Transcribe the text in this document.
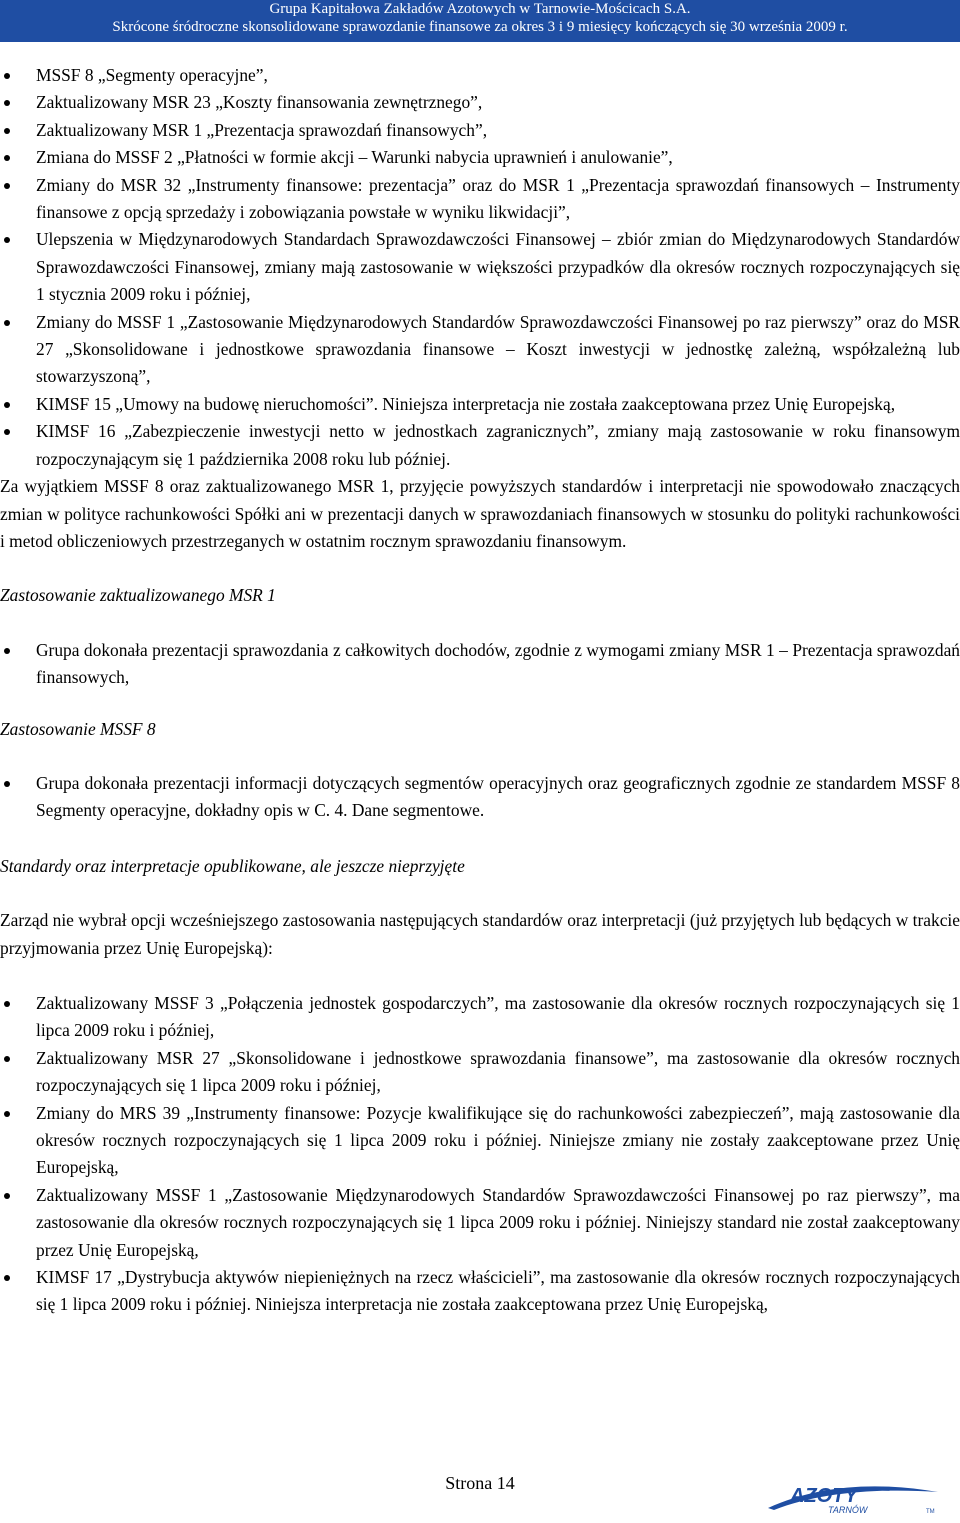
Grupa Kapitałowa Zakładów Azotowych w Tarnowie-Mościcach S.A.
Skrócone śródroczne skonsolidowane sprawozdanie finansowe za okres 3 i 9 miesięcy kończących się 30 września 2009 r.
MSSF 8 „Segmenty operacyjne”,
Zaktualizowany MSR 23 „Koszty finansowania zewnętrznego”,
Zaktualizowany MSR 1 „Prezentacja sprawozdań finansowych”,
Zmiana do MSSF 2 „Płatności w formie akcji – Warunki nabycia uprawnień i anulowanie”,
Zmiany do MSR 32 „Instrumenty finansowe: prezentacja” oraz do MSR 1 „Prezentacja sprawozdań finansowych – Instrumenty finansowe z opcją sprzedaży i zobowiązania powstałe w wyniku likwidacji”,
Ulepszenia w Międzynarodowych Standardach Sprawozdawczości Finansowej – zbiór zmian do Międzynarodowych Standardów Sprawozdawczości Finansowej, zmiany mają zastosowanie w większości przypadków dla okresów rocznych rozpoczynających się 1 stycznia 2009 roku i później,
Zmiany do MSSF 1 „Zastosowanie Międzynarodowych Standardów Sprawozdawczości Finansowej po raz pierwszy” oraz do MSR 27 „Skonsolidowane i jednostkowe sprawozdania finansowe – Koszt inwestycji w jednostkę zależną, współzależną lub stowarzyszoną”,
KIMSF 15 „Umowy na budowę nieruchomości”. Niniejsza interpretacja nie została zaakceptowana przez Unię Europejską,
KIMSF 16 „Zabezpieczenie inwestycji netto w jednostkach zagranicznych”, zmiany mają zastosowanie w roku finansowym rozpoczynającym się 1 października 2008 roku lub później.

Za wyjątkiem MSSF 8 oraz zaktualizowanego MSR 1, przyjęcie powyższych standardów i interpretacji nie spowodowało znaczących zmian w polityce rachunkowości Spółki ani w prezentacji danych w sprawozdaniach finansowych w stosunku do polityki rachunkowości i metod obliczeniowych przestrzeganych w ostatnim rocznym sprawozdaniu finansowym.

Zastosowanie zaktualizowanego MSR 1

Grupa dokonała prezentacji sprawozdania z całkowitych dochodów, zgodnie z wymogami zmiany MSR 1 – Prezentacja sprawozdań finansowych,

Zastosowanie MSSF 8

Grupa dokonała prezentacji informacji dotyczących segmentów operacyjnych oraz geograficznych zgodnie ze standardem MSSF 8 Segmenty operacyjne, dokładny opis w C. 4. Dane segmentowe.

Standardy oraz interpretacje opublikowane, ale jeszcze nieprzyjęte

Zarząd nie wybrał opcji wcześniejszego zastosowania następujących standardów oraz interpretacji (już przyjętych lub będących w trakcie przyjmowania przez Unię Europejską):

Zaktualizowany MSSF 3 „Połączenia jednostek gospodarczych”, ma zastosowanie dla okresów rocznych rozpoczynających się 1 lipca 2009 roku i później,
Zaktualizowany MSR 27 „Skonsolidowane i jednostkowe sprawozdania finansowe”, ma zastosowanie dla okresów rocznych rozpoczynających się 1 lipca 2009 roku i później,
Zmiany do MRS 39 „Instrumenty finansowe: Pozycje kwalifikujące się do rachunkowości zabezpieczeń”, mają zastosowanie dla okresów rocznych rozpoczynających się 1 lipca 2009 roku i później. Niniejsze zmiany nie zostały zaakceptowane przez Unię Europejską,
Zaktualizowany MSSF 1 „Zastosowanie Międzynarodowych Standardów Sprawozdawczości Finansowej po raz pierwszy”, ma zastosowanie dla okresów rocznych rozpoczynających się 1 lipca 2009 roku i później. Niniejszy standard nie został zaakceptowany przez Unię Europejską,
KIMSF 17 „Dystrybucja aktywów niepieniężnych na rzecz właścicieli”, ma zastosowanie dla okresów rocznych rozpoczynających się 1 lipca 2009 roku i później. Niniejsza interpretacja nie została zaakceptowana przez Unię Europejską,
Strona 14
AZOTY
TARNÓW	TM
